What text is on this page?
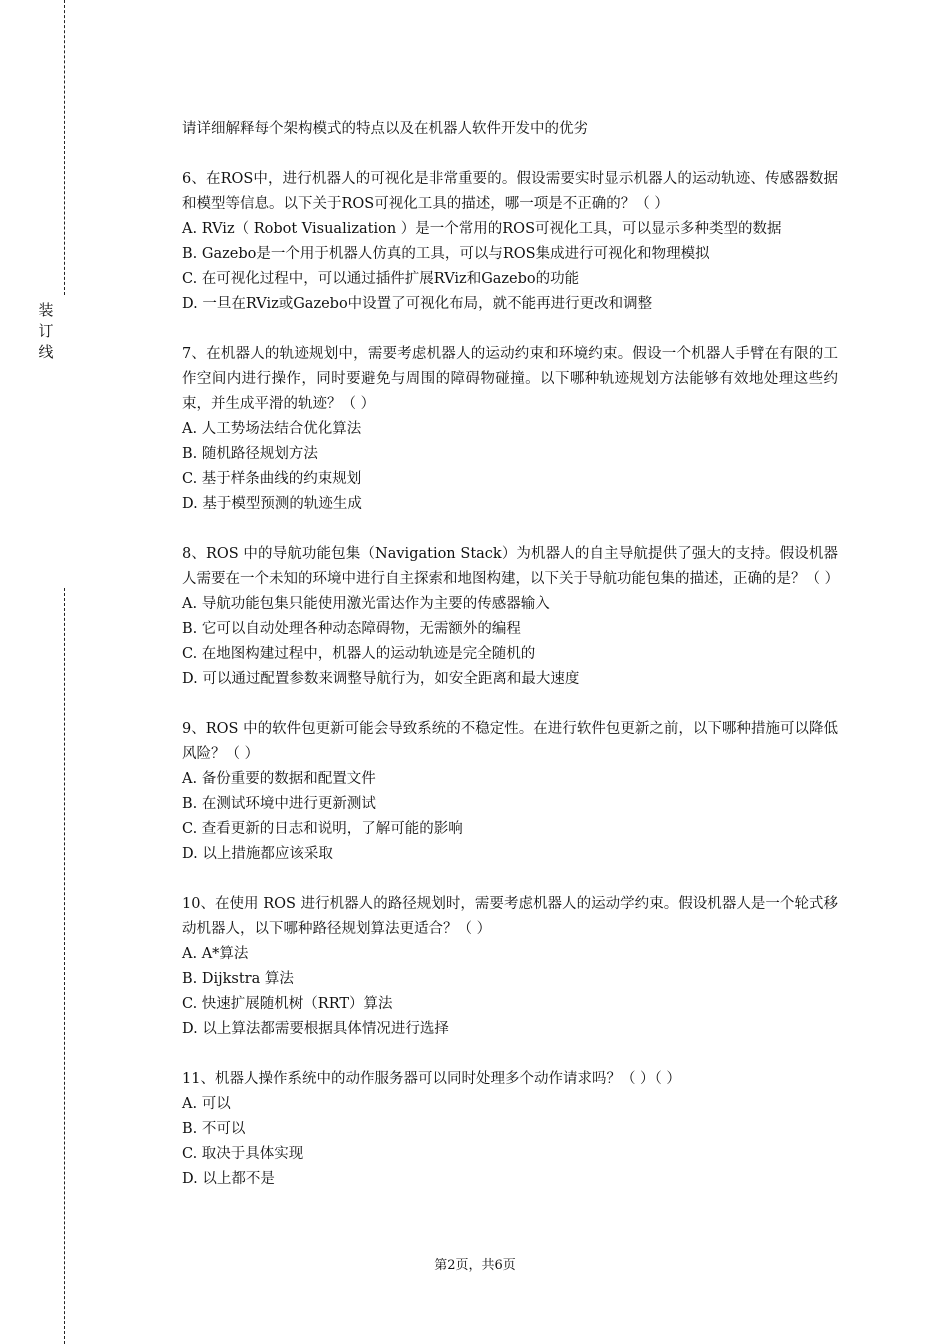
装
订
线

请详细解释每个架构模式的特点以及在机器人软件开发中的优劣

6、在ROS中，进行机器人的可视化是非常重要的。假设需要实时显示机器人的运动轨迹、传感器数据和模型等信息。以下关于ROS可视化工具的描述，哪一项是不正确的？（ ）

A. RViz（ Robot Visualization ）是一个常用的ROS可视化工具，可以显示多种类型的数据

B. Gazebo是一个用于机器人仿真的工具，可以与ROS集成进行可视化和物理模拟

C. 在可视化过程中，可以通过插件扩展RViz和Gazebo的功能

D. 一旦在RViz或Gazebo中设置了可视化布局，就不能再进行更改和调整

7、在机器人的轨迹规划中，需要考虑机器人的运动约束和环境约束。假设一个机器人手臂在有限的工作空间内进行操作，同时要避免与周围的障碍物碰撞。以下哪种轨迹规划方法能够有效地处理这些约束，并生成平滑的轨迹？（ ）

A. 人工势场法结合优化算法

B. 随机路径规划方法

C. 基于样条曲线的约束规划

D. 基于模型预测的轨迹生成

8、ROS 中的导航功能包集（Navigation Stack）为机器人的自主导航提供了强大的支持。假设机器人需要在一个未知的环境中进行自主探索和地图构建，以下关于导航功能包集的描述，正确的是？（ ）

A. 导航功能包集只能使用激光雷达作为主要的传感器输入

B. 它可以自动处理各种动态障碍物，无需额外的编程

C. 在地图构建过程中，机器人的运动轨迹是完全随机的

D. 可以通过配置参数来调整导航行为，如安全距离和最大速度

9、ROS 中的软件包更新可能会导致系统的不稳定性。在进行软件包更新之前，以下哪种措施可以降低风险？（ ）

A. 备份重要的数据和配置文件

B. 在测试环境中进行更新测试

C. 查看更新的日志和说明，了解可能的影响

D. 以上措施都应该采取

10、在使用 ROS 进行机器人的路径规划时，需要考虑机器人的运动学约束。假设机器人是一个轮式移动机器人，以下哪种路径规划算法更适合？（ ）

A. A*算法

B. Dijkstra 算法

C. 快速扩展随机树（RRT）算法

D. 以上算法都需要根据具体情况进行选择

11、机器人操作系统中的动作服务器可以同时处理多个动作请求吗？（ ）（ ）

A. 可以

B. 不可以

C. 取决于具体实现

D. 以上都不是

第2页，共6页
